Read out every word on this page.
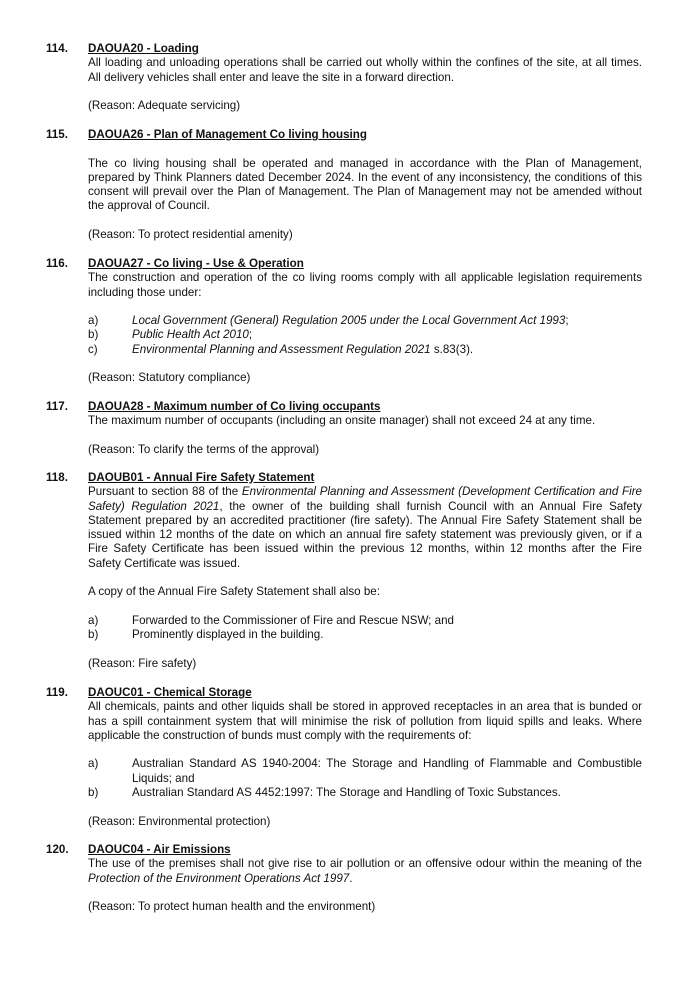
114. DAOUA20 - Loading

All loading and unloading operations shall be carried out wholly within the confines of the site, at all times. All delivery vehicles shall enter and leave the site in a forward direction.

(Reason: Adequate servicing)

115. DAOUA26 - Plan of Management Co living housing

The co living housing shall be operated and managed in accordance with the Plan of Management, prepared by Think Planners dated December 2024. In the event of any inconsistency, the conditions of this consent will prevail over the Plan of Management. The Plan of Management may not be amended without the approval of Council.

(Reason: To protect residential amenity)

116. DAOUA27 - Co living - Use & Operation

The construction and operation of the co living rooms comply with all applicable legislation requirements including those under:

a)	Local Government (General) Regulation 2005 under the Local Government Act 1993;
b)	Public Health Act 2010;
c)	Environmental Planning and Assessment Regulation 2021 s.83(3).

(Reason: Statutory compliance)

117. DAOUA28 - Maximum number of Co living occupants

The maximum number of occupants (including an onsite manager) shall not exceed 24 at any time.

(Reason: To clarify the terms of the approval)

118. DAOUB01 - Annual Fire Safety Statement

Pursuant to section 88 of the Environmental Planning and Assessment (Development Certification and Fire Safety) Regulation 2021, the owner of the building shall furnish Council with an Annual Fire Safety Statement prepared by an accredited practitioner (fire safety). The Annual Fire Safety Statement shall be issued within 12 months of the date on which an annual fire safety statement was previously given, or if a Fire Safety Certificate has been issued within the previous 12 months, within 12 months after the Fire Safety Certificate was issued.

A copy of the Annual Fire Safety Statement shall also be:

a)	Forwarded to the Commissioner of Fire and Rescue NSW; and
b)	Prominently displayed in the building.

(Reason: Fire safety)

119. DAOUC01 - Chemical Storage

All chemicals, paints and other liquids shall be stored in approved receptacles in an area that is bunded or has a spill containment system that will minimise the risk of pollution from liquid spills and leaks. Where applicable the construction of bunds must comply with the requirements of:

a)	Australian Standard AS 1940-2004: The Storage and Handling of Flammable and Combustible Liquids; and

b)	Australian Standard AS 4452:1997: The Storage and Handling of Toxic Substances.

(Reason: Environmental protection)

120. DAOUC04 - Air Emissions

The use of the premises shall not give rise to air pollution or an offensive odour within the meaning of the Protection of the Environment Operations Act 1997.

(Reason: To protect human health and the environment)
